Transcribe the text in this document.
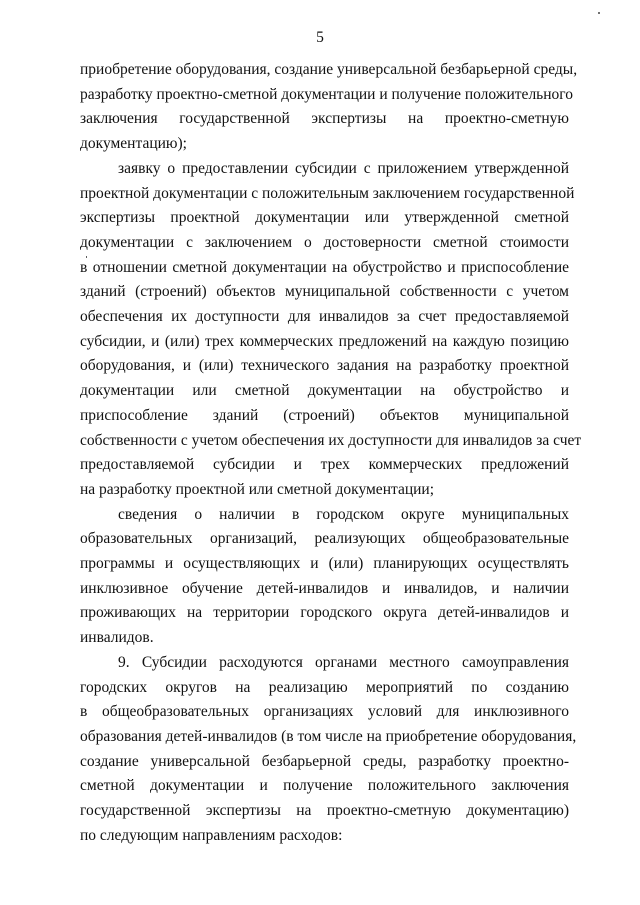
5
приобретение оборудования, создание универсальной безбарьерной среды,
разработку проектно-сметной документации и получение положительного
заключения государственной экспертизы на проектно-сметную
документацию);
заявку о предоставлении субсидии с приложением утвержденной
проектной документации с положительным заключением государственной
экспертизы проектной документации или утвержденной сметной
документации с заключением о достоверности сметной стоимости
в отношении сметной документации на обустройство и приспособление
зданий (строений) объектов муниципальной собственности с учетом
обеспечения их доступности для инвалидов за счет предоставляемой
субсидии, и (или) трех коммерческих предложений на каждую позицию
оборудования, и (или) технического задания на разработку проектной
документации или сметной документации на обустройство и
приспособление зданий (строений) объектов муниципальной
собственности с учетом обеспечения их доступности для инвалидов за счет
предоставляемой субсидии и трех коммерческих предложений
на разработку проектной или сметной документации;
сведения о наличии в городском округе муниципальных
образовательных организаций, реализующих общеобразовательные
программы и осуществляющих и (или) планирующих осуществлять
инклюзивное обучение детей-инвалидов и инвалидов, и наличии
проживающих на территории городского округа детей-инвалидов и
инвалидов.
9. Субсидии расходуются органами местного самоуправления
городских округов на реализацию мероприятий по созданию
в общеобразовательных организациях условий для инклюзивного
образования детей-инвалидов (в том числе на приобретение оборудования,
создание универсальной безбарьерной среды, разработку проектно-
сметной документации и получение положительного заключения
государственной экспертизы на проектно-сметную документацию)
по следующим направлениям расходов:
